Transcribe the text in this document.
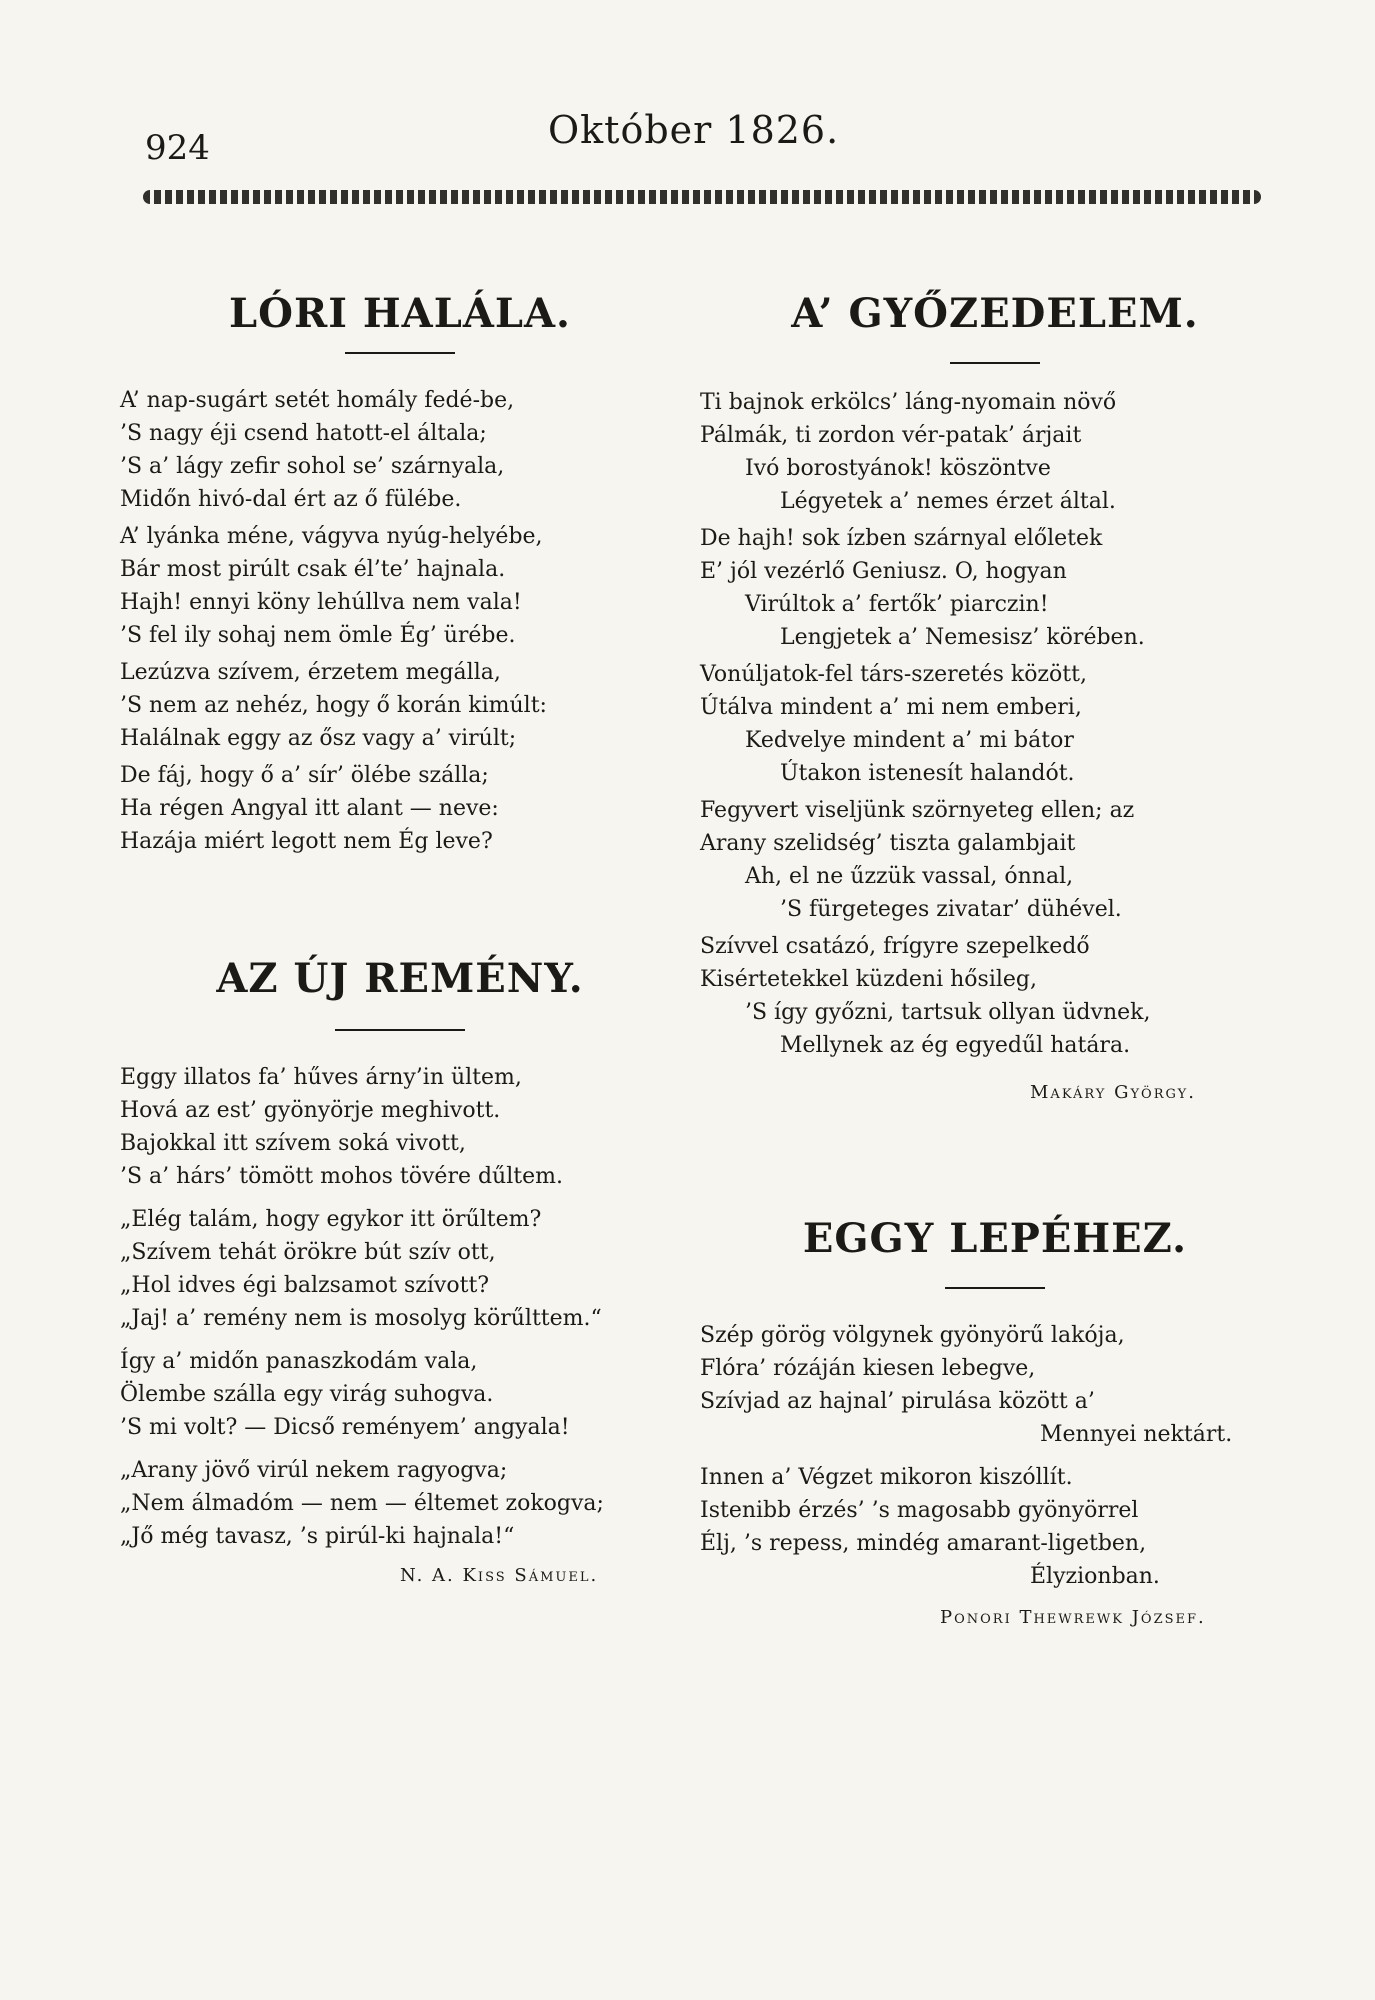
924	Október 1826.
LÓRI HALÁLA.
A’ nap-sugárt setét homály fedé-be,
’S nagy éji csend hatott-el általa;
’S a’ lágy zefir sohol se’ szárnyala,
Midőn hivó-dal ért az ő fülébe.
A’ lyánka méne, vágyva nyúg-helyébe,
Bár most pirúlt csak él’te’ hajnala.
Hajh! ennyi köny lehúllva nem vala!
’S fel ily sohaj nem ömle Ég’ ürébe.
Lezúzva szívem, érzetem megálla,
’S nem az nehéz, hogy ő korán kimúlt:
Halálnak eggy az ősz vagy a’ virúlt;
De fáj, hogy ő a’ sír’ ölébe szálla;
Ha régen Angyal itt alant — neve:
Hazája miért legott nem Ég leve?
AZ ÚJ REMÉNY.
Eggy illatos fa’ hűves árny’in ültem,
Hová az est’ gyönyörje meghivott.
Bajokkal itt szívem soká vivott,
’S a’ hárs’ tömött mohos tövére dűltem.
„Elég talám, hogy egykor itt örűltem?
„Szívem tehát örökre bút szív ott,
„Hol idves égi balzsamot szívott?
„Jaj! a’ remény nem is mosolyg körűlttem.“
Így a’ midőn panaszkodám vala,
Ölembe szálla egy virág suhogva.
’S mi volt? — Dicső reményem’ angyala!
„Arany jövő virúl nekem ragyogva;
„Nem álmadóm — nem — éltemet zokogva;
„Jő még tavasz, ’s pirúl-ki hajnala!“
N. A. Kiss Sámuel.
A’ GYŐZEDELEM.
Ti bajnok erkölcs’ láng-nyomain növő
Pálmák, ti zordon vér-patak’ árjait
Ivó borostyánok! köszöntve
Légyetek a’ nemes érzet által.
De hajh! sok ízben szárnyal előletek
E’ jól vezérlő Geniusz. O, hogyan
Virúltok a’ fertők’ piarczin!
Lengjetek a’ Nemesisz’ körében.
Vonúljatok-fel társ-szeretés között,
Útálva mindent a’ mi nem emberi,
Kedvelye mindent a’ mi bátor
Útakon istenesít halandót.
Fegyvert viseljünk szörnyeteg ellen; az
Arany szelidség’ tiszta galambjait
Ah, el ne űzzük vassal, ónnal,
’S fürgeteges zivatar’ dühével.
Szívvel csatázó, frígyre szepelkedő
Kisértetekkel küzdeni hősileg,
’S így győzni, tartsuk ollyan üdvnek,
Mellynek az ég egyedűl határa.
Makáry György.
EGGY LEPÉHEZ.
Szép görög völgynek gyönyörű lakója,
Flóra’ rózáján kiesen lebegve,
Szívjad az hajnal’ pirulása között a’
Mennyei nektárt.
Innen a’ Végzet mikoron kiszóllít.
Istenibb érzés’ ’s magosabb gyönyörrel
Élj, ’s repess, mindég amarant-ligetben,
Élyzionban.
Ponori Thewrewk József.
